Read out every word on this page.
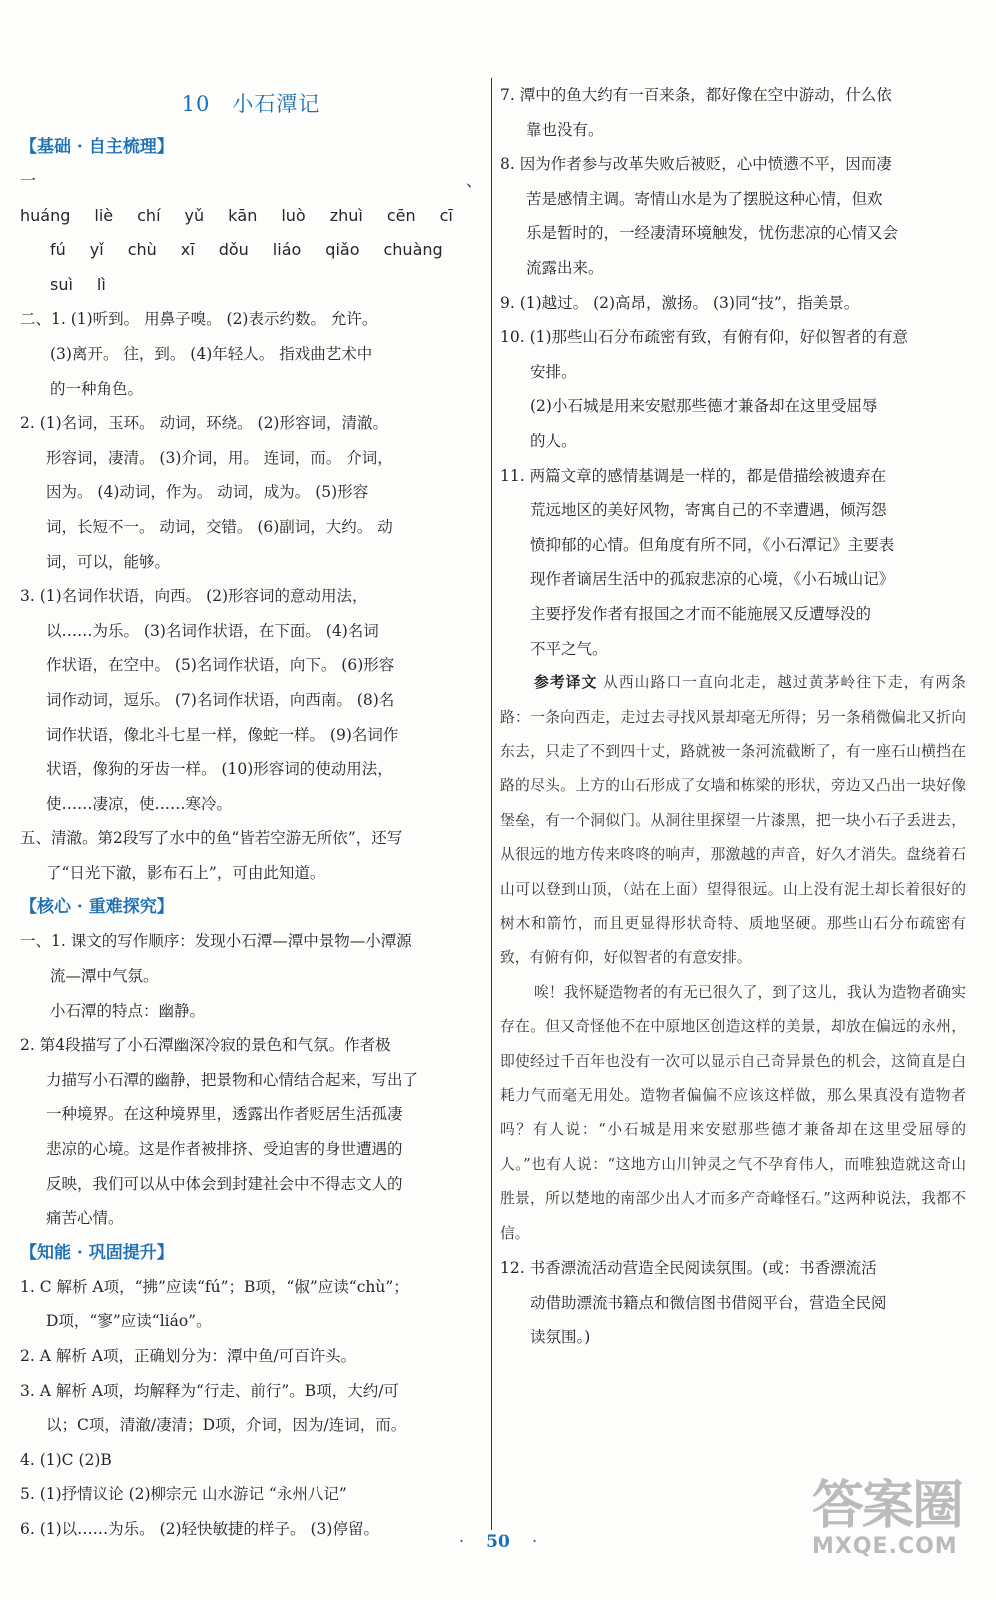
10 小石潭记
【基础 · 自主梳理】

一、huáng liè chí yǔ kān luò zhuì cēn cī

fú yǐ chù xī dǒu liáo qiǎo chuàng

suì lì

二、1. (1)听到。 用鼻子嗅。 (2)表示约数。 允许。

(3)离开。 往，到。 (4)年轻人。 指戏曲艺术中

的一种角色。

2. (1)名词，玉环。 动词，环绕。 (2)形容词，清澈。

形容词，凄清。 (3)介词，用。 连词，而。 介词，

因为。 (4)动词，作为。 动词，成为。 (5)形容

词，长短不一。 动词，交错。 (6)副词，大约。 动

词，可以，能够。

3. (1)名词作状语，向西。 (2)形容词的意动用法，

以……为乐。 (3)名词作状语，在下面。 (4)名词

作状语，在空中。 (5)名词作状语，向下。 (6)形容

词作动词，逗乐。 (7)名词作状语，向西南。 (8)名

词作状语，像北斗七星一样，像蛇一样。 (9)名词作

状语，像狗的牙齿一样。 (10)形容词的使动用法，

使……凄凉，使……寒冷。

五、清澈。第2段写了水中的鱼“皆若空游无所依”，还写

了“日光下澈，影布石上”，可由此知道。

【核心 · 重难探究】

一、1. 课文的写作顺序：发现小石潭—潭中景物—小潭源

流—潭中气氛。

小石潭的特点：幽静。

2. 第4段描写了小石潭幽深冷寂的景色和气氛。作者极

力描写小石潭的幽静，把景物和心情结合起来，写出了

一种境界。在这种境界里，透露出作者贬居生活孤凄

悲凉的心境。这是作者被排挤、受迫害的身世遭遇的

反映，我们可以从中体会到封建社会中不得志文人的

痛苦心情。

【知能 · 巩固提升】

1. C 解析 A项，“拂”应读“fú”；B项，“俶”应读“chù”；

D项，“寥”应读“liáo”。

2. A 解析 A项，正确划分为：潭中鱼/可百许头。

3. A 解析 A项，均解释为“行走、前行”。B项，大约/可

以；C项，清澈/凄清；D项，介词，因为/连词，而。

4. (1)C (2)B

5. (1)抒情议论 (2)柳宗元 山水游记 “永州八记”

6. (1)以……为乐。 (2)轻快敏捷的样子。 (3)停留。

7. 潭中的鱼大约有一百来条，都好像在空中游动，什么依

靠也没有。

8. 因为作者参与改革失败后被贬，心中愤懑不平，因而凄

苦是感情主调。寄情山水是为了摆脱这种心情，但欢

乐是暂时的，一经凄清环境触发，忧伤悲凉的心情又会

流露出来。

9. (1)越过。 (2)高昂，激扬。 (3)同“技”，指美景。

10. (1)那些山石分布疏密有致，有俯有仰，好似智者的有意

安排。

(2)小石城是用来安慰那些德才兼备却在这里受屈辱

的人。

11. 两篇文章的感情基调是一样的，都是借描绘被遗弃在

荒远地区的美好风物，寄寓自己的不幸遭遇，倾泻怨

愤抑郁的心情。但角度有所不同，《小石潭记》主要表

现作者谪居生活中的孤寂悲凉的心境，《小石城山记》

主要抒发作者有报国之才而不能施展又反遭辱没的

不平之气。

参考译文 从西山路口一直向北走，越过黄茅岭往下走，有两条路：一条向西走，走过去寻找风景却毫无所得；另一条稍微偏北又折向东去，只走了不到四十丈，路就被一条河流截断了，有一座石山横挡在路的尽头。上方的山石形成了女墙和栋梁的形状，旁边又凸出一块好像堡垒，有一个洞似门。从洞往里探望一片漆黑，把一块小石子丢进去，从很远的地方传来咚咚的响声，那激越的声音，好久才消失。盘绕着石山可以登到山顶，（站在上面）望得很远。山上没有泥土却长着很好的树木和箭竹，而且更显得形状奇特、质地坚硬。那些山石分布疏密有致，有俯有仰，好似智者的有意安排。

唉！我怀疑造物者的有无已很久了，到了这儿，我认为造物者确实存在。但又奇怪他不在中原地区创造这样的美景，却放在偏远的永州，即使经过千百年也没有一次可以显示自己奇异景色的机会，这简直是白耗力气而毫无用处。造物者偏偏不应该这样做，那么果真没有造物者吗？有人说：“小石城是用来安慰那些德才兼备却在这里受屈辱的人。”也有人说：“这地方山川钟灵之气不孕育伟人，而唯独造就这奇山胜景，所以楚地的南部少出人才而多产奇峰怪石。”这两种说法，我都不信。

12. 书香漂流活动营造全民阅读氛围。(或：书香漂流活

动借助漂流书籍点和微信图书借阅平台，营造全民阅

读氛围。)

· 50 ·
答案圈
MXQE.COM
